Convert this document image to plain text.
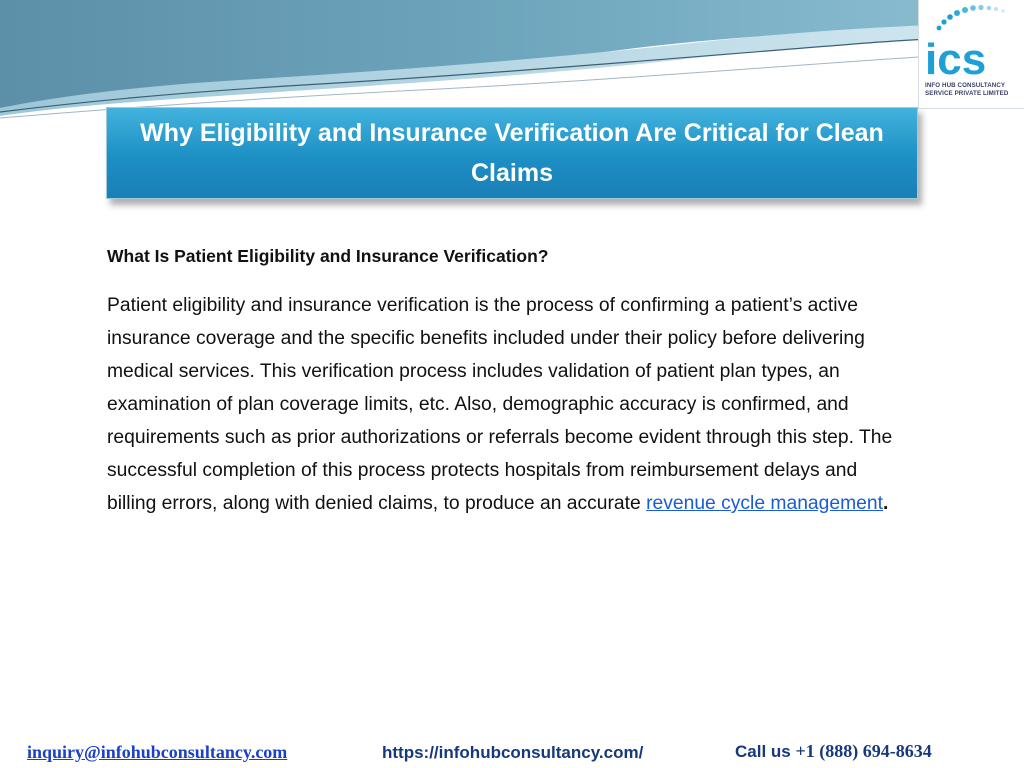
ics
INFO HUB CONSULTANCY
SERVICE PRIVATE LIMITED
Why Eligibility and Insurance Verification Are Critical for Clean Claims
What Is Patient Eligibility and Insurance Verification?
Patient eligibility and insurance verification is the process of confirming a patient’s active insurance coverage and the specific benefits included under their policy before delivering medical services. This verification process includes validation of patient plan types, an examination of plan coverage limits, etc. Also, demographic accuracy is confirmed, and requirements such as prior authorizations or referrals become evident through this step. The successful completion of this process protects hospitals from reimbursement delays and billing errors, along with denied claims, to produce an accurate revenue cycle management.
inquiry@infohubconsultancy.com	https://infohubconsultancy.com/	Call us +1 (888) 694-8634
